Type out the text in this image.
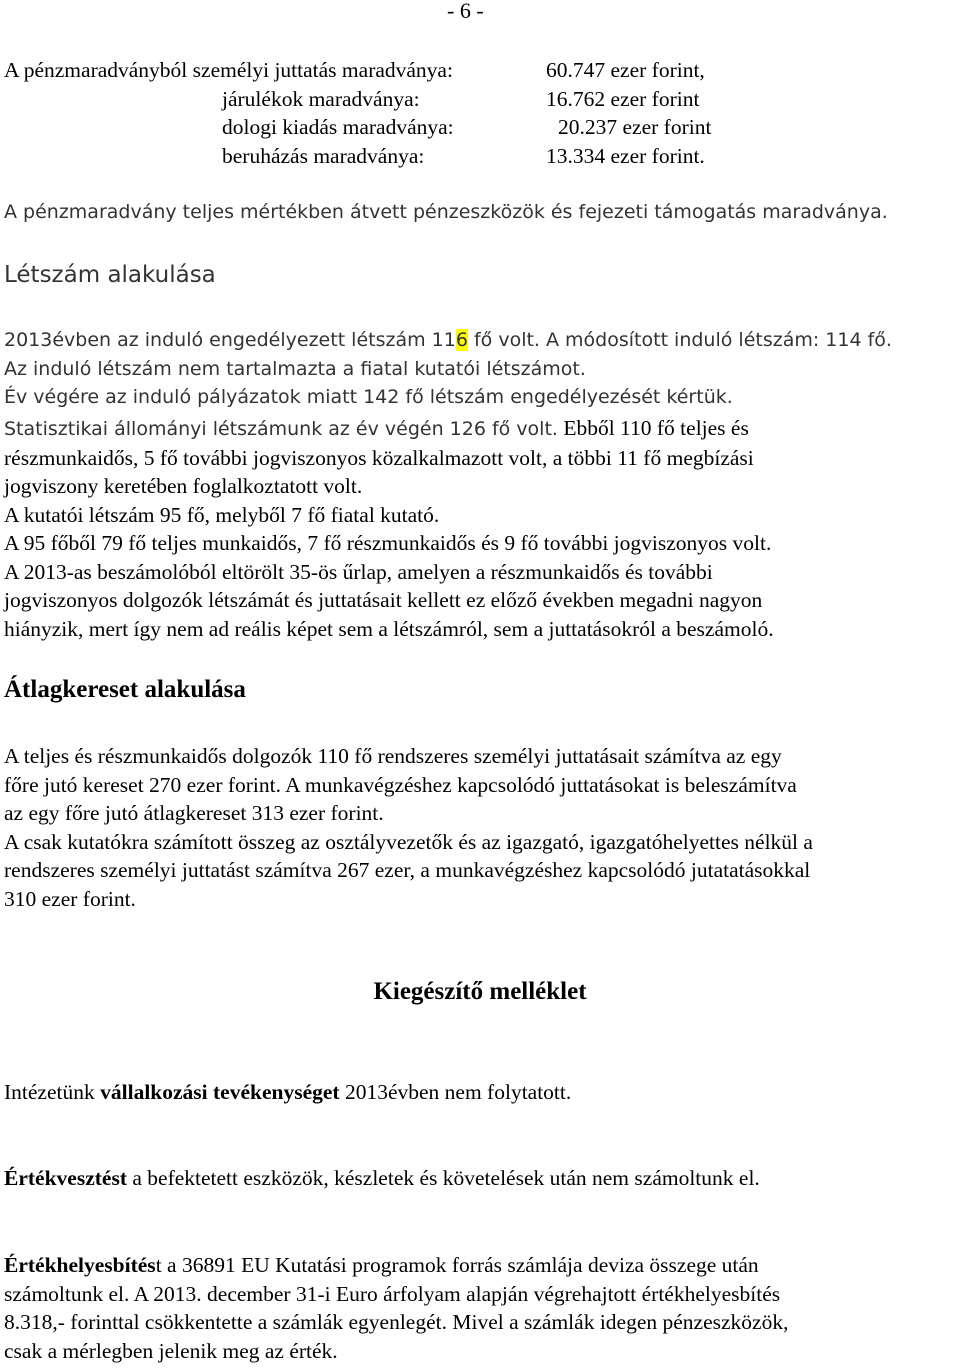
- 6 -
A pénzmaradványból személyi juttatás maradványa:	60.747 ezer forint,
járulékok maradványa:	16.762 ezer forint
dologi kiadás maradványa:	20.237 ezer forint
beruházás maradványa:	13.334 ezer forint.
A pénzmaradvány teljes mértékben átvett pénzeszközök és fejezeti támogatás maradványa.
Létszám alakulása
2013évben az induló engedélyezett létszám 116 fő volt. A módosított induló létszám: 114 fő.
Az induló létszám nem tartalmazta a fiatal kutatói létszámot.
Év végére az induló pályázatok miatt 142 fő létszám engedélyezését kértük.
Statisztikai állományi létszámunk az év végén 126 fő volt. Ebből 110 fő teljes és
részmunkaidős, 5 fő további jogviszonyos közalkalmazott volt, a többi 11 fő megbízási
jogviszony keretében foglalkoztatott volt.
A kutatói létszám 95 fő, melyből 7 fő fiatal kutató.
A 95 főből 79 fő teljes munkaidős, 7 fő részmunkaidős és 9 fő további jogviszonyos volt.
A 2013-as beszámolóból eltörölt 35-ös űrlap, amelyen a részmunkaidős és további
jogviszonyos dolgozók létszámát és juttatásait kellett ez előző években megadni nagyon
hiányzik, mert így nem ad reális képet sem a létszámról, sem a juttatásokról a beszámoló.
Átlagkereset alakulása
A teljes és részmunkaidős dolgozók 110 fő rendszeres személyi juttatásait számítva az egy
főre jutó kereset 270 ezer forint. A munkavégzéshez kapcsolódó juttatásokat is beleszámítva
az egy főre jutó átlagkereset 313 ezer forint.
A csak kutatókra számított összeg az osztályvezetők és az igazgató, igazgatóhelyettes nélkül a
rendszeres személyi juttatást számítva 267 ezer, a munkavégzéshez kapcsolódó jutatatásokkal
310 ezer forint.
Kiegészítő melléklet
Intézetünk vállalkozási tevékenységet 2013évben nem folytatott.
Értékvesztést a befektetett eszközök, készletek és követelések után nem számoltunk el.
Értékhelyesbítést a 36891 EU Kutatási programok forrás számlája deviza összege után
számoltunk el. A 2013. december 31-i Euro árfolyam alapján végrehajtott értékhelyesbítés
8.318,- forinttal csökkentette a számlák egyenlegét. Mivel a számlák idegen pénzeszközök,
csak a mérlegben jelenik meg az érték.
